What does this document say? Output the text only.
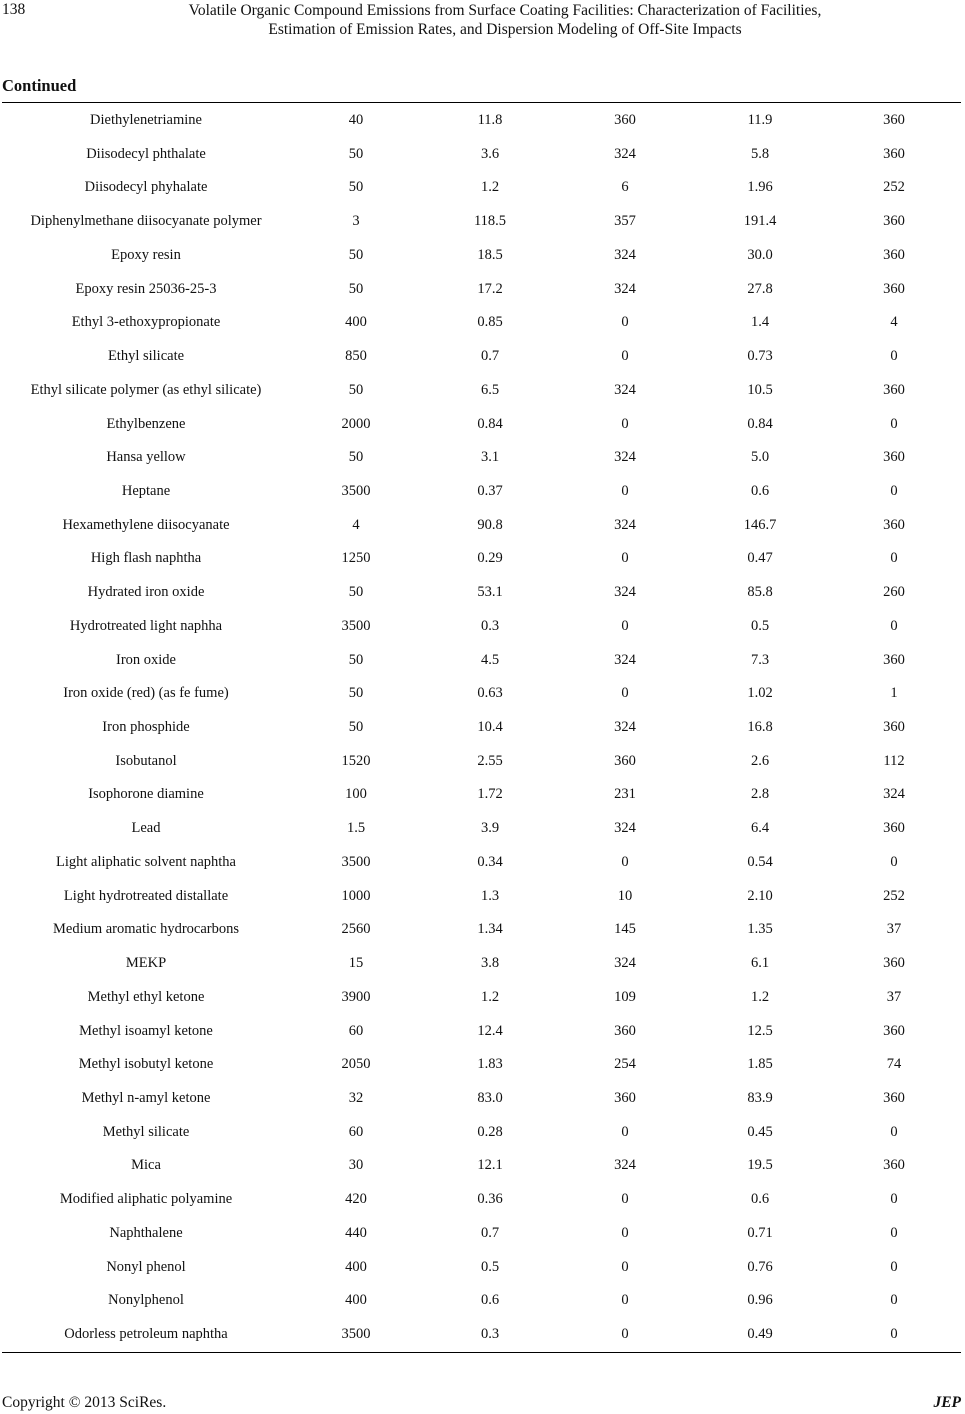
138	Volatile Organic Compound Emissions from Surface Coating Facilities: Characterization of Facilities,
Estimation of Emission Rates, and Dispersion Modeling of Off-Site Impacts
Continued
Diethylenetriamine	40	11.8	360	11.9	360
Diisodecyl phthalate	50	3.6	324	5.8	360
Diisodecyl phyhalate	50	1.2	6	1.96	252
Diphenylmethane diisocyanate polymer	3	118.5	357	191.4	360
Epoxy resin	50	18.5	324	30.0	360
Epoxy resin 25036-25-3	50	17.2	324	27.8	360
Ethyl 3-ethoxypropionate	400	0.85	0	1.4	4
Ethyl silicate	850	0.7	0	0.73	0
Ethyl silicate polymer (as ethyl silicate)	50	6.5	324	10.5	360
Ethylbenzene	2000	0.84	0	0.84	0
Hansa yellow	50	3.1	324	5.0	360
Heptane	3500	0.37	0	0.6	0
Hexamethylene diisocyanate	4	90.8	324	146.7	360
High flash naphtha	1250	0.29	0	0.47	0
Hydrated iron oxide	50	53.1	324	85.8	260
Hydrotreated light naphha	3500	0.3	0	0.5	0
Iron oxide	50	4.5	324	7.3	360
Iron oxide (red) (as fe fume)	50	0.63	0	1.02	1
Iron phosphide	50	10.4	324	16.8	360
Isobutanol	1520	2.55	360	2.6	112
Isophorone diamine	100	1.72	231	2.8	324
Lead	1.5	3.9	324	6.4	360
Light aliphatic solvent naphtha	3500	0.34	0	0.54	0
Light hydrotreated distallate	1000	1.3	10	2.10	252
Medium aromatic hydrocarbons	2560	1.34	145	1.35	37
MEKP	15	3.8	324	6.1	360
Methyl ethyl ketone	3900	1.2	109	1.2	37
Methyl isoamyl ketone	60	12.4	360	12.5	360
Methyl isobutyl ketone	2050	1.83	254	1.85	74
Methyl n-amyl ketone	32	83.0	360	83.9	360
Methyl silicate	60	0.28	0	0.45	0
Mica	30	12.1	324	19.5	360
Modified aliphatic polyamine	420	0.36	0	0.6	0
Naphthalene	440	0.7	0	0.71	0
Nonyl phenol	400	0.5	0	0.76	0
Nonylphenol	400	0.6	0	0.96	0
Odorless petroleum naphtha	3500	0.3	0	0.49	0
Copyright © 2013 SciRes.	JEP
